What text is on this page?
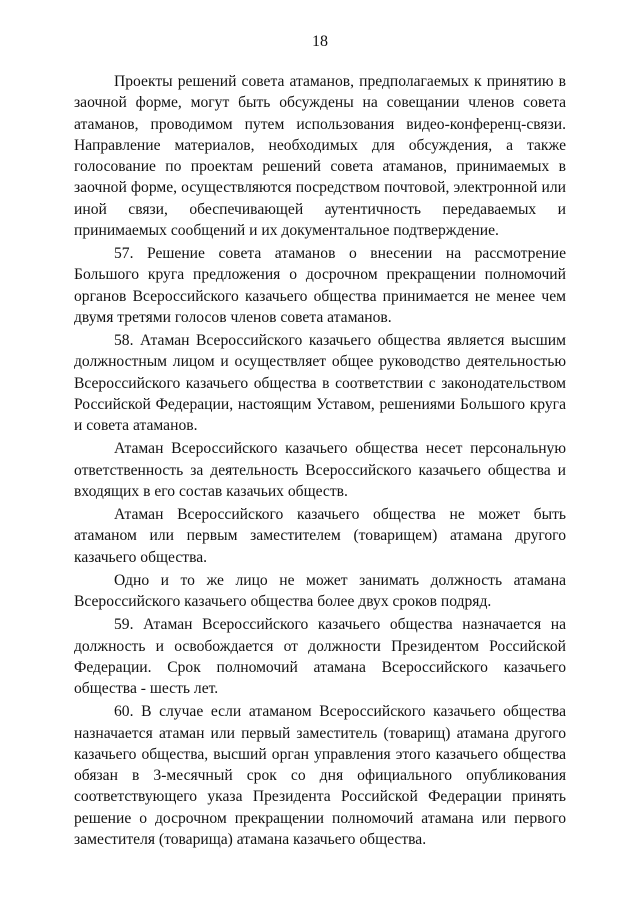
18

Проекты решений совета атаманов, предполагаемых к принятию в заочной форме, могут быть обсуждены на совещании членов совета атаманов, проводимом путем использования видео-конференц-связи. Направление материалов, необходимых для обсуждения, а также голосование по проектам решений совета атаманов, принимаемых в заочной форме, осуществляются посредством почтовой, электронной или иной связи, обеспечивающей аутентичность передаваемых и принимаемых сообщений и их документальное подтверждение.

57. Решение совета атаманов о внесении на рассмотрение Большого круга предложения о досрочном прекращении полномочий органов Всероссийского казачьего общества принимается не менее чем двумя третями голосов членов совета атаманов.

58. Атаман Всероссийского казачьего общества является высшим должностным лицом и осуществляет общее руководство деятельностью Всероссийского казачьего общества в соответствии с законодательством Российской Федерации, настоящим Уставом, решениями Большого круга и совета атаманов.

Атаман Всероссийского казачьего общества несет персональную ответственность за деятельность Всероссийского казачьего общества и входящих в его состав казачьих обществ.

Атаман Всероссийского казачьего общества не может быть атаманом или первым заместителем (товарищем) атамана другого казачьего общества.

Одно и то же лицо не может занимать должность атамана Всероссийского казачьего общества более двух сроков подряд.

59. Атаман Всероссийского казачьего общества назначается на должность и освобождается от должности Президентом Российской Федерации. Срок полномочий атамана Всероссийского казачьего общества - шесть лет.

60. В случае если атаманом Всероссийского казачьего общества назначается атаман или первый заместитель (товарищ) атамана другого казачьего общества, высший орган управления этого казачьего общества обязан в 3-месячный срок со дня официального опубликования соответствующего указа Президента Российской Федерации принять решение о досрочном прекращении полномочий атамана или первого заместителя (товарища) атамана казачьего общества.
